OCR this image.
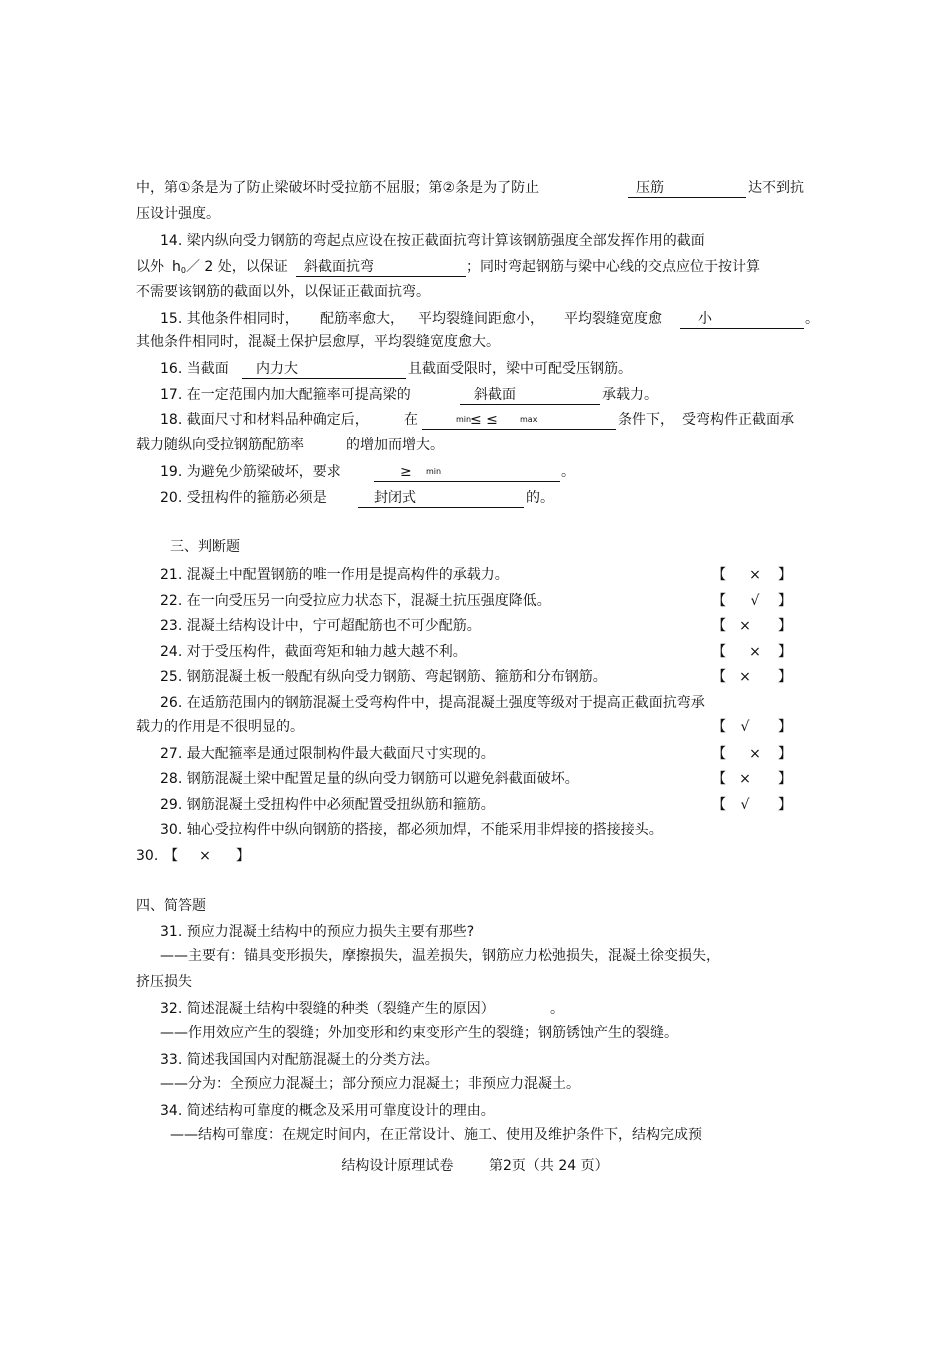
中，第①条是为了防止梁破坏时受拉筋不屈服；第②条是为了防止	压筋	达不到抗
压设计强度。
14. 梁内纵向受力钢筋的弯起点应设在按正截面抗弯计算该钢筋强度全部发挥作用的截面
以外 $h_0/$ 2 处，以保证 斜截面抗弯	；同时弯起钢筋与梁中心线的交点应位于按计算
不需要该钢筋的截面以外，以保证正截面抗弯。
15. 其他条件相同时， 配筋率愈大， 平均裂缝间距愈小， 平均裂缝宽度愈	小	。
其他条件相同时，混凝土保护层愈厚，平均裂缝宽度愈大。
16. 当截面 内力大	且截面受限时，梁中可配受压钢筋。
17. 在一定范围内加大配箍率可提高梁的	斜截面	承载力。
18. 截面尺寸和材料品种确定后，	在	min
≤ ≤	max	条件下， 受弯构件正截面承
载力随纵向受拉钢筋配筋率	的增加而增大。
19. 为避免少筋梁破坏，要求	≥ min	。
20. 受扭构件的箍筋必须是	封闭式	的。
三、判断题
21. 混凝土中配置钢筋的唯一作用是提高构件的承载力。	【	×	】
22. 在一向受压另一向受拉应力状态下，混凝土抗压强度降低。	【	√	】
23. 混凝土结构设计中，宁可超配筋也不可少配筋。	【 ×	】
24. 对于受压构件，截面弯矩和轴力越大越不利。	【	×	】
25. 钢筋混凝土板一般配有纵向受力钢筋、弯起钢筋、箍筋和分布钢筋。	【 ×	】
26. 在适筋范围内的钢筋混凝土受弯构件中，提高混凝土强度等级对于提高正截面抗弯承
载力的作用是不很明显的。	【	√	】
27. 最大配箍率是通过限制构件最大截面尺寸实现的。	【	×	】
28. 钢筋混凝土梁中配置足量的纵向受力钢筋可以避免斜截面破坏。	【 ×	】
29. 钢筋混凝土受扭构件中必须配置受扭纵筋和箍筋。	【	√	】
30. 轴心受拉构件中纵向钢筋的搭接，都必须加焊，不能采用非焊接的搭接接头。
30. 【	×	】
四、简答题
31. 预应力混凝土结构中的预应力损失主要有那些?
——主要有：锚具变形损失，摩擦损失，温差损失，钢筋应力松弛损失，混凝土徐变损失，
挤压损失
32. 简述混凝土结构中裂缝的种类（裂缝产生的原因）	。
——作用效应产生的裂缝；外加变形和约束变形产生的裂缝；钢筋锈蚀产生的裂缝。
33. 简述我国国内对配筋混凝土的分类方法。
——分为：全预应力混凝土；部分预应力混凝土；非预应力混凝土。
34. 简述结构可靠度的概念及采用可靠度设计的理由。
——结构可靠度：在规定时间内，在正常设计、施工、使用及维护条件下，结构完成预
结构设计原理试卷	第2页（共 24 页）
